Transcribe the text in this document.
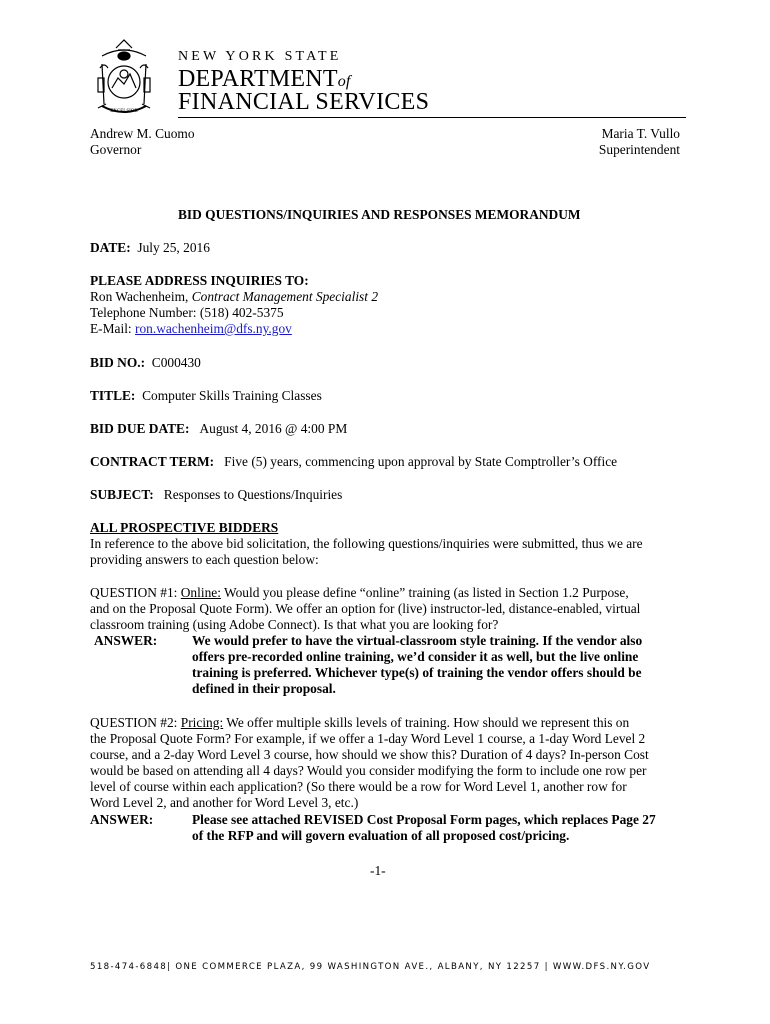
EXCELSIOR
NEW YORK STATE
DEPARTMENTof
FINANCIAL SERVICES
Andrew M. Cuomo
Governor
Maria T. Vullo
Superintendent
BID QUESTIONS/INQUIRIES AND RESPONSES MEMORANDUM
DATE: July 25, 2016
PLEASE ADDRESS INQUIRIES TO:
Ron Wachenheim, Contract Management Specialist 2
Telephone Number: (518) 402-5375
E-Mail: ron.wachenheim@dfs.ny.gov
BID NO.: C000430
TITLE: Computer Skills Training Classes
BID DUE DATE: August 4, 2016 @ 4:00 PM
CONTRACT TERM: Five (5) years, commencing upon approval by State Comptroller’s Office
SUBJECT: Responses to Questions/Inquiries
ALL PROSPECTIVE BIDDERS
In reference to the above bid solicitation, the following questions/inquiries were submitted, thus we are
providing answers to each question below:
QUESTION #1: Online: Would you please define “online” training (as listed in Section 1.2 Purpose,
and on the Proposal Quote Form). We offer an option for (live) instructor-led, distance-enabled, virtual
classroom training (using Adobe Connect). Is that what you are looking for?
ANSWER:	We would prefer to have the virtual-classroom style training. If the vendor also
offers pre-recorded online training, we’d consider it as well, but the live online
training is preferred. Whichever type(s) of training the vendor offers should be
defined in their proposal.
QUESTION #2: Pricing: We offer multiple skills levels of training. How should we represent this on
the Proposal Quote Form? For example, if we offer a 1-day Word Level 1 course, a 1-day Word Level 2
course, and a 2-day Word Level 3 course, how should we show this? Duration of 4 days? In-person Cost
would be based on attending all 4 days? Would you consider modifying the form to include one row per
level of course within each application? (So there would be a row for Word Level 1, another row for
Word Level 2, and another for Word Level 3, etc.)
ANSWER:	Please see attached REVISED Cost Proposal Form pages, which replaces Page 27
of the RFP and will govern evaluation of all proposed cost/pricing.
-1-
518-474-6848| ONE COMMERCE PLAZA, 99 WASHINGTON AVE., ALBANY, NY 12257 | WWW.DFS.NY.GOV
